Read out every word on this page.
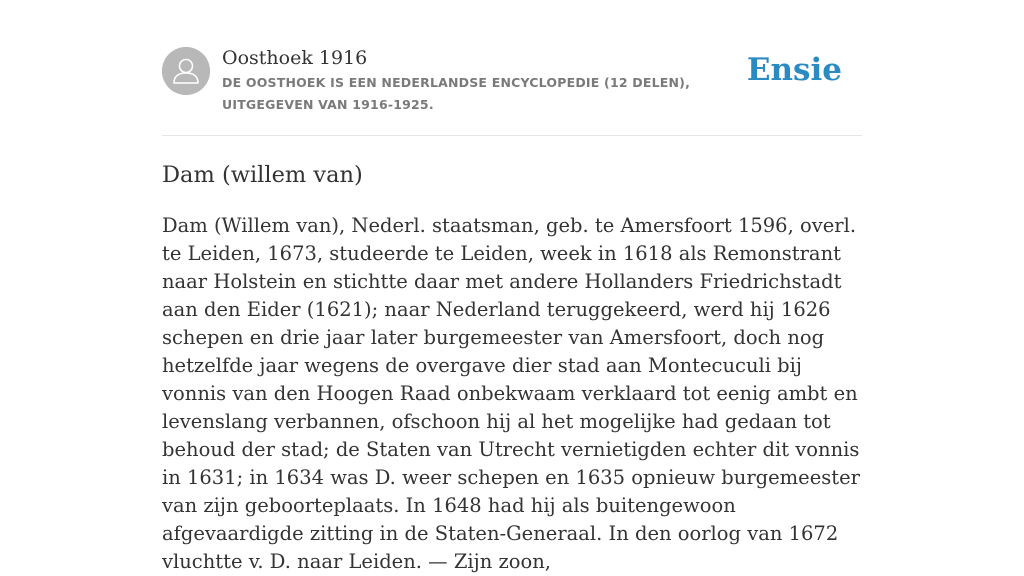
Oosthoek 1916
DE OOSTHOEK IS EEN NEDERLANDSE ENCYCLOPEDIE (12 DELEN), UITGEGEVEN VAN 1916-1925.
Ensie
Dam (willem van)

Dam (Willem van), Nederl. staatsman, geb. te Amersfoort 1596, overl. te Leiden, 1673, studeerde te Leiden, week in 1618 als Remonstrant naar Holstein en stichtte daar met andere Hollanders Friedrichstadt aan den Eider (1621); naar Nederland teruggekeerd, werd hij 1626 schepen en drie jaar later burgemeester van Amersfoort, doch nog hetzelfde jaar wegens de overgave dier stad aan Montecuculi bij vonnis van den Hoogen Raad onbekwaam verklaard tot eenig ambt en levenslang verbannen, ofschoon hij al het mogelijke had gedaan tot behoud der stad; de Staten van Utrecht vernietigden echter dit vonnis in 1631; in 1634 was D. weer schepen en 1635 opnieuw burgemeester van zijn geboorteplaats. In 1648 had hij als buitengewoon afgevaardigde zitting in de Staten-Generaal. In den oorlog van 1672 vluchtte v. D. naar Leiden. — Zijn zoon,
